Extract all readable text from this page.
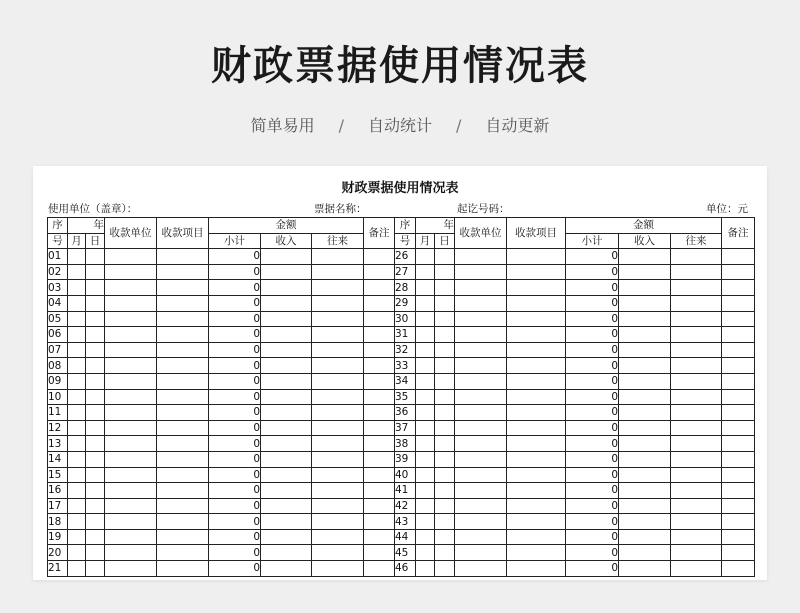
财政票据使用情况表
简单易用 / 自动统计 / 自动更新
财政票据使用情况表
使用单位（盖章）：	票据名称：	起讫号码：	单位：元
序	年		收款单位	收款项目	金额			备注	序	年		收款单位	收款项目	金额			备注
号	月	日			小计	收入	往来		号	月	日			小计	收入	往来	
01					0				26					0			
02					0				27					0			
03					0				28					0			
04					0				29					0			
05					0				30					0			
06					0				31					0			
07					0				32					0			
08					0				33					0			
09					0				34					0			
10					0				35					0			
11					0				36					0			
12					0				37					0			
13					0				38					0			
14					0				39					0			
15					0				40					0			
16					0				41					0			
17					0				42					0			
18					0				43					0			
19					0				44					0			
20					0				45					0			
21					0				46					0			
